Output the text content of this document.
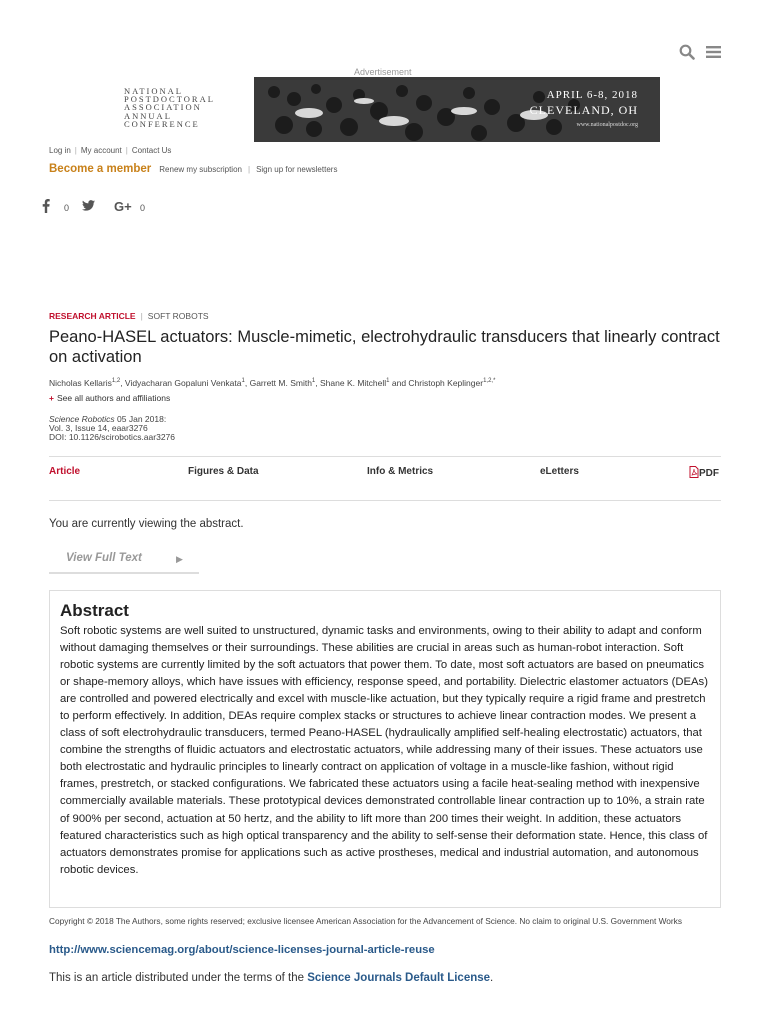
Advertisement
NATIONAL
POSTDOCTORAL
ASSOCIATION
ANNUAL
CONFERENCE
APRIL 6-8, 2018
CLEVELAND, OH
www.nationalpostdoc.org
Log in | My account | Contact Us
Become a member Renew my subscription | Sign up for newsletters
0	G+ 0
RESEARCH ARTICLE | SOFT ROBOTS
Peano-HASEL actuators: Muscle-mimetic, electrohydraulic transducers that linearly contract on activation
Nicholas Kellaris$^{1,2}$, Vidyacharan Gopaluni Venkata$^1$, Garrett M. Smith$^1$, Shane K. Mitchell$^1$ and Christoph Keplinger$^{1,2,*}$
+ See all authors and affiliations
Science Robotics 05 Jan 2018:
Vol. 3, Issue 14, eaar3276
DOI: 10.1126/scirobotics.aar3276
Article	Figures & Data	Info & Metrics	eLetters	PDF
You are currently viewing the abstract.
View Full Text	▶
Abstract
Soft robotic systems are well suited to unstructured, dynamic tasks and environments, owing to their ability to adapt and conform without damaging themselves or their surroundings. These abilities are crucial in areas such as human-robot interaction. Soft robotic systems are currently limited by the soft actuators that power them. To date, most soft actuators are based on pneumatics or shape-memory alloys, which have issues with efficiency, response speed, and portability. Dielectric elastomer actuators (DEAs) are controlled and powered electrically and excel with muscle-like actuation, but they typically require a rigid frame and prestretch to perform effectively. In addition, DEAs require complex stacks or structures to achieve linear contraction modes. We present a class of soft electrohydraulic transducers, termed Peano-HASEL (hydraulically amplified self-healing electrostatic) actuators, that combine the strengths of fluidic actuators and electrostatic actuators, while addressing many of their issues. These actuators use both electrostatic and hydraulic principles to linearly contract on application of voltage in a muscle-like fashion, without rigid frames, prestretch, or stacked configurations. We fabricated these actuators using a facile heat-sealing method with inexpensive commercially available materials. These prototypical devices demonstrated controllable linear contraction up to 10%, a strain rate of 900% per second, actuation at 50 hertz, and the ability to lift more than 200 times their weight. In addition, these actuators featured characteristics such as high optical transparency and the ability to self-sense their deformation state. Hence, this class of actuators demonstrates promise for applications such as active prostheses, medical and industrial automation, and autonomous robotic devices.
Copyright © 2018 The Authors, some rights reserved; exclusive licensee American Association for the Advancement of Science. No claim to original U.S. Government Works
http://www.sciencemag.org/about/science-licenses-journal-article-reuse
This is an article distributed under the terms of the Science Journals Default License.
